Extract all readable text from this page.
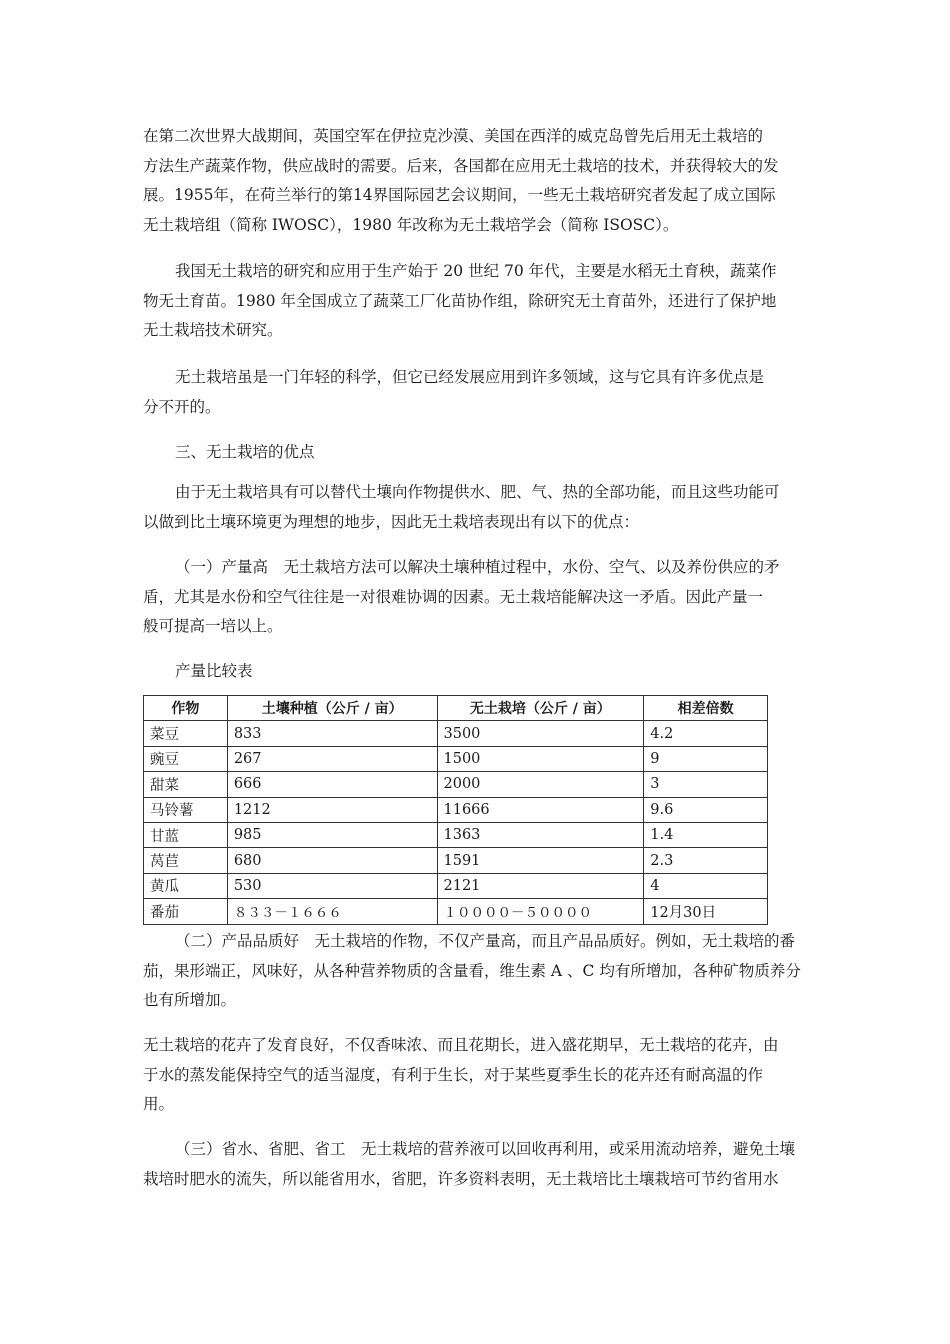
在第二次世界大战期间，英国空军在伊拉克沙漠、美国在西洋的威克岛曾先后用无土栽培的
方法生产蔬菜作物，供应战时的需要。后来，各国都在应用无土栽培的技术，并获得较大的发
展。1955年，在荷兰举行的第14界国际园艺会议期间，一些无土栽培研究者发起了成立国际
无土栽培组（简称 IWOSC），1980 年改称为无土栽培学会（简称 ISOSC）。
我国无土栽培的研究和应用于生产始于 20 世纪 70 年代，主要是水稻无土育秧，蔬菜作
物无土育苗。1980 年全国成立了蔬菜工厂化苗协作组，除研究无土育苗外，还进行了保护地
无土栽培技术研究。
无土栽培虽是一门年轻的科学，但它已经发展应用到许多领域，这与它具有许多优点是
分不开的。
三、无土栽培的优点
由于无土栽培具有可以替代土壤向作物提供水、肥、气、热的全部功能，而且这些功能可
以做到比土壤环境更为理想的地步，因此无土栽培表现出有以下的优点：
（一）产量高　无土栽培方法可以解决土壤种植过程中，水份、空气、以及养份供应的矛
盾，尤其是水份和空气往往是一对很难协调的因素。无土栽培能解决这一矛盾。因此产量一
般可提高一培以上。
产量比较表
作物	土壤种植（公斤 / 亩）	无土栽培（公斤 / 亩）	相差倍数
菜豆	833	3500	4.2
豌豆	267	1500	9
甜菜	666	2000	3
马铃薯	1212	11666	9.6
甘蓝	985	1363	1.4
莴苣	680	1591	2.3
黄瓜	530	2121	4
番茄	８３３－１６６６	１００００－５００００	12月30日
（二）产品品质好　无土栽培的作物，不仅产量高，而且产品品质好。例如，无土栽培的番
茄，果形端正，风味好，从各种营养物质的含量看，维生素 A 、C 均有所增加，各种矿物质养分
也有所增加。
无土栽培的花卉了发育良好，不仅香味浓、而且花期长，进入盛花期早，无土栽培的花卉，由
于水的蒸发能保持空气的适当湿度，有利于生长，对于某些夏季生长的花卉还有耐高温的作
用。
（三）省水、省肥、省工　无土栽培的营养液可以回收再利用，或采用流动培养，避免土壤
栽培时肥水的流失，所以能省用水，省肥，许多资料表明，无土栽培比土壤栽培可节约省用水
